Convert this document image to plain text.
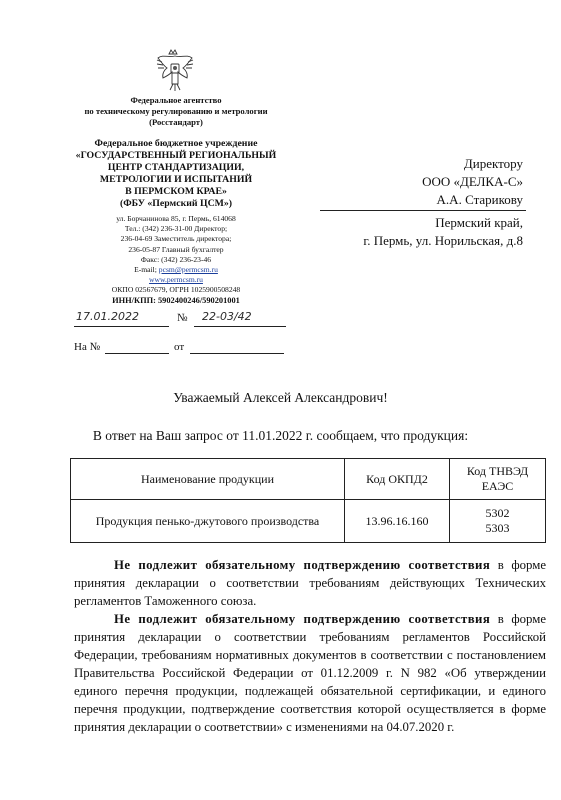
Федеральное агентство
по техническому регулированию и метрологии
(Росстандарт)
Федеральное бюджетное учреждение
«ГОСУДАРСТВЕННЫЙ РЕГИОНАЛЬНЫЙ
ЦЕНТР СТАНДАРТИЗАЦИИ,
МЕТРОЛОГИИ И ИСПЫТАНИЙ
В ПЕРМСКОМ КРАЕ»
(ФБУ «Пермский ЦСМ»)
ул. Борчанинова 85, г. Пермь, 614068
Тел.: (342) 236-31-00 Директор;
236-04-69 Заместитель директора;
236-05-87 Главный бухгалтер
Факс: (342) 236-23-46
E-mail; pcsm@permcsm.ru
www.permcsm.ru
ОКПО 02567679, ОГРН 1025900508248
ИНН/КПП: 5902400246/590201001
17.01.2022	№ 22-03/42
На №	от
Директору
ООО «ДЕЛКА-С»
А.А. Старикову
Пермский край,
г. Пермь, ул. Норильская, д.8
Уважаемый Алексей Александрович!
В ответ на Ваш запрос от 11.01.2022 г. сообщаем, что продукция:
Наименование продукции	Код ОКПД2	Код ТНВЭД ЕАЭС
Продукция пенько-джутового производства	13.96.16.160	5302
5303
Не подлежит обязательному подтверждению соответствия в форме принятия декларации о соответствии требованиям действующих Технических регламентов Таможенного союза.
Не подлежит обязательному подтверждению соответствия в форме принятия декларации о соответствии требованиям регламентов Российской Федерации, требованиям нормативных документов в соответствии с постановлением Правительства Российской Федерации от 01.12.2009 г. N 982 «Об утверждении единого перечня продукции, подлежащей обязательной сертификации, и единого перечня продукции, подтверждение соответствия которой осуществляется в форме принятия декларации о соответствии» с изменениями на 04.07.2020 г.
